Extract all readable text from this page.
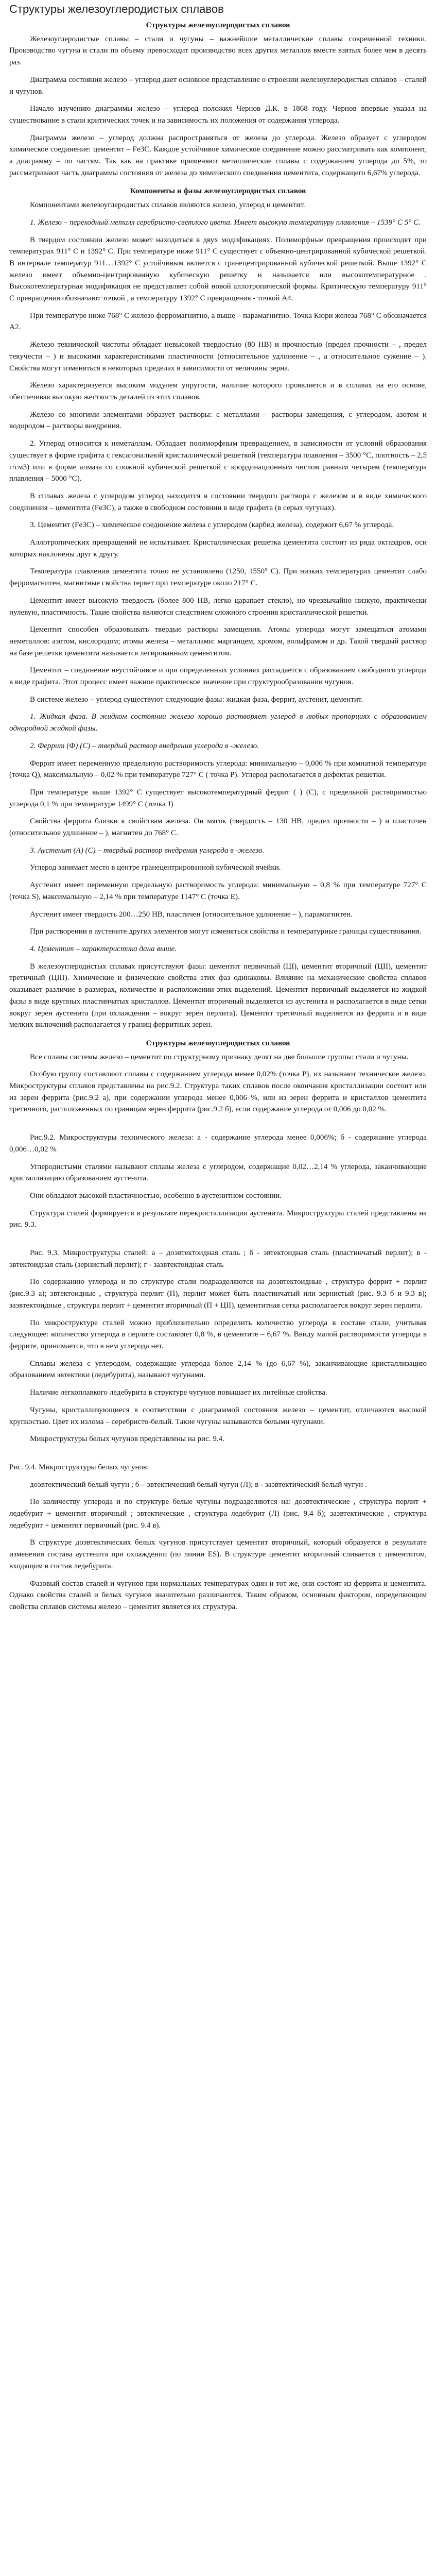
Структуры железоуглеродистых сплавов
Структуры железоуглеродистых сплавов

Железоуглеродистые сплавы – стали и чугуны – важнейшие металлические сплавы современной техники. Производство чугуна и стали по объему превосходит производство всех других металлов вместе взятых более чем в десять раз.

Диаграмма состояния железо – углерод дает основное представление о строении железоуглеродистых сплавов – сталей и чугунов.

Начало изучению диаграммы железо – углерод положил Чернов Д.К. в 1868 году. Чернов впервые указал на существование в стали критических точек и на зависимость их положения от содержания углерода.

Диаграмма железо – углерод должна распространяться от железа до углерода. Железо образует с углеродом химическое соединение: цементит – Fe3C. Каждое устойчивое химическое соединение можно рассматривать как компонент, а диаграмму – по частям. Так как на практике применяют металлические сплавы с содержанием углерода до 5%, то рассматривают часть диаграммы состояния от железа до химического соединения цементита, содержащего 6,67% углерода.

Компоненты и фазы железоуглеродистых сплавов

Компонентами железоуглеродистых сплавов являются железо, углерод и цементит.

1. Железо – переходный металл серебристо-светлого цвета. Имеет высокую температуру плавления – 1539° С 5° С.

В твердом состоянии железо может находиться в двух модификациях. Полиморфные превращения происходят при температурах 911° С и 1392° С. При температуре ниже 911° С существует с объемно-центрированной кубической решеткой. В интервале температур 911…1392° С устойчивым является с гранецентрированной кубической решеткой. Выше 1392° С железо имеет объемно-центрированную кубическую решетку и называется или высокотемпературное . Высокотемпературная модификация не представляет собой новой аллотропической формы. Критическую температуру 911° С превращения обозначают точкой , а температуру 1392° С превращения - точкой A4.

При температуре ниже 768° С железо ферромагнитно, а выше – парамагнитно. Точка Кюри железа 768° С обозначается А2.

Железо технической чистоты обладает невысокой твердостью (80 НВ) и прочностью (предел прочности – , предел текучести – ) и высокими характеристиками пластичности (относительное удлинение – , а относительное сужение – ). Свойства могут изменяться в некоторых пределах в зависимости от величины зерна.

Железо характеризуется высоким модулем упругости, наличие которого проявляется и в сплавах на его основе, обеспечивая высокую жесткость деталей из этих сплавов.

Железо со многими элементами образует растворы: с металлами – растворы замещения, с углеродом, азотом и водородом – растворы внедрения.

2. Углерод относится к неметаллам. Обладает полиморфным превращением, в зависимости от условий образования существует в форме графита с гексагональной кристаллической решеткой (температура плавления – 3500 °С, плотность – 2,5 г/см3) или в форме алмаза со сложной кубической решеткой с координационным числом равным четырем (температура плавления – 5000 °С).

В сплавах железа с углеродом углерод находится в состоянии твердого раствора с железом и в виде химического соединения – цементита (Fe3C), а также в свободном состоянии в виде графита (в серых чугунах).

3. Цементит (Fe3C) – химическое соединение железа с углеродом (карбид железа), содержит 6,67 % углерода.

Аллотропических превращений не испытывает. Кристаллическая решетка цементита состоит из ряда октаэдров, оси которых наклонены друг к другу.

Температура плавления цементита точно не установлена (1250, 1550° С). При низких температурах цементит слабо ферромагнитен, магнитные свойства теряет при температуре около 217° С.

Цементит имеет высокую твердость (более 800 НВ, легко царапает стекло), но чрезвычайно низкую, практически нулевую, пластичность. Такие свойства являются следствием сложного строения кристаллической решетки.

Цементит способен образовывать твердые растворы замещения. Атомы углерода могут замещаться атомами неметаллов: азотом, кислородом; атомы железа – металлами: марганцем, хромом, вольфрамом и др. Такой твердый раствор на базе решетки цементита называется легированным цементитом.

Цементит – соединение неустойчивое и при определенных условиях распадается с образованием свободного углерода в виде графита. Этот процесс имеет важное практическое значение при структурообразовании чугунов.

В системе железо – углерод существуют следующие фазы: жидкая фаза, феррит, аустенит, цементит.

1. Жидкая фаза. В жидком состоянии железо хорошо растворяет углерод в любых пропорциях с образованием однородной жидкой фазы.

2. Феррит (Ф) (С) – твердый раствор внедрения углерода в -железо.

Феррит имеет переменную предельную растворимость углерода: минимальную – 0,006 % при комнатной температуре (точка Q), максимальную – 0,02 % при температуре 727° С ( точка P). Углерод располагается в дефектах решетки.

При температуре выше 1392° С существует высокотемпературный феррит ( ) (С), с предельной растворимостью углерода 0,1 % при температуре 1499° С (точка J)

Свойства феррита близки к свойствам железа. Он мягок (твердость – 130 НВ, предел прочности – ) и пластичен (относительное удлинение – ), магнитен до 768° С.

3. Аустенит (А) (С) – твердый раствор внедрения углерода в -железо.

Углерод занимает место в центре гранецентрированной кубической ячейки.

Аустенит имеет переменную предельную растворимость углерода: минимальную – 0,8 % при температуре 727° С (точка S), максимальную – 2,14 % при температуре 1147° С (точка Е).

Аустенит имеет твердость 200…250 НВ, пластичен (относительное удлинение – ), парамагнитен.

При растворении в аустените других элементов могут изменяться свойства и температурные границы существования.

4. Цементит – характеристика дана выше.

В железоуглеродистых сплавах присутствуют фазы: цементит первичный (ЦI), цементит вторичный (ЦII), цементит третичный (ЦIII). Химические и физические свойства этих фаз одинаковы. Влияние на механические свойства сплавов оказывает различие в размерах, количестве и расположении этих выделений. Цементит первичный выделяется из жидкой фазы в виде крупных пластинчатых кристаллов. Цементит вторичный выделяется из аустенита и располагается в виде сетки вокруг зерен аустенита (при охлаждении – вокруг зерен перлита). Цементит третичный выделяется из феррита и в виде мелких включений располагается у границ ферритных зерен.

Структуры железоуглеродистых сплавов

Все сплавы системы железо – цементит по структурному признаку делят на две большие группы: стали и чугуны.

Особую группу составляют сплавы с содержанием углерода менее 0,02% (точка Р), их называют техническое железо. Микроструктуры сплавов представлены на рис.9.2. Структура таких сплавов после окончания кристаллизации состоит или из зерен феррита (рис.9.2 а), при содержании углерода менее 0,006 %, или из зерен феррита и кристаллов цементита третичного, расположенных по границам зерен феррита (рис.9.2 б), если содержание углерода от 0,006 до 0,02 %.

Рис.9.2. Микроструктуры технического железа: а - содержание углерода менее 0,006%; б - содержание углерода 0,006…0,02 %

Углеродистыми сталями называют сплавы железа с углеродом, содержащие 0,02…2,14 % углерода, заканчивающие кристаллизацию образованием аустенита.

Они обладают высокой пластичностью, особенно в аустенитном состоянии.

Структура сталей формируется в результате перекристаллизации аустенита. Микроструктуры сталей представлены на рис. 9.3.

Рис. 9.3. Микроструктуры сталей: а – доэвтектоидная сталь ; б - эвтектоидная сталь (пластинчатый перлит); в - эвтектоидная сталь (зернистый перлит); г - заэвтектоидная сталь

По содержанию углерода и по структуре стали подразделяются на доэвтектоидные , структура феррит + перлит (рис.9.3 а); эвтектоидные , структура перлит (П), перлит может быть пластинчатый или зернистый (рис. 9.3 б и 9.3 в); заэвтектоидные , структура перлит + цементит вторичный (П + ЦII), цементитная сетка располагается вокруг зерен перлита.

По микроструктуре сталей можно приблизительно определить количество углерода в составе стали, учитывая следующее: количество углерода в перлите составляет 0,8 %, в цементите – 6,67 %. Ввиду малой растворимости углерода в феррите, принимается, что в нем углерода нет.

Сплавы железа с углеродом, содержащие углерода более 2,14 % (до 6,67 %), заканчивающие кристаллизацию образованием эвтектики (ледебурита), называют чугунами.

Наличие легкоплавкого ледебурита в структуре чугунов повышает их литейные свойства.

Чугуны, кристаллизующиеся в соответствии с диаграммой состояния железо – цементит, отличаются высокой хрупкостью. Цвет их излома – серебристо-белый. Такие чугуны называются белыми чугунами.

Микроструктуры белых чугунов представлены на рис. 9.4.

Рис. 9.4. Микроструктуры белых чугунов:

доэвтектический белый чугун ; б – эвтектический белый чугун (Л); в - заэвтектический белый чугун .

По количеству углерода и по структуре белые чугуны подразделяются на: доэвтектические , структура перлит + ледебурит + цементит вторичный ; эвтектические , структура ледебурит (Л) (рис. 9.4 б); заэвтектические , структура ледебурит + цементит первичный (рис. 9.4 в).

В структуре доэвтектических белых чугунов присутствует цементит вторичный, который образуется в результате изменения состава аустенита при охлаждении (по линии ES). В структуре цементит вторичный сливается с цементитом, входящим в состав ледебурита.

Фазовый состав сталей и чугунов при нормальных температурах один и тот же, они состоят из феррита и цементита. Однако свойства сталей и белых чугунов значительно различаются. Таким образом, основным фактором, определяющим свойства сплавов системы железо – цементит является их структура.
